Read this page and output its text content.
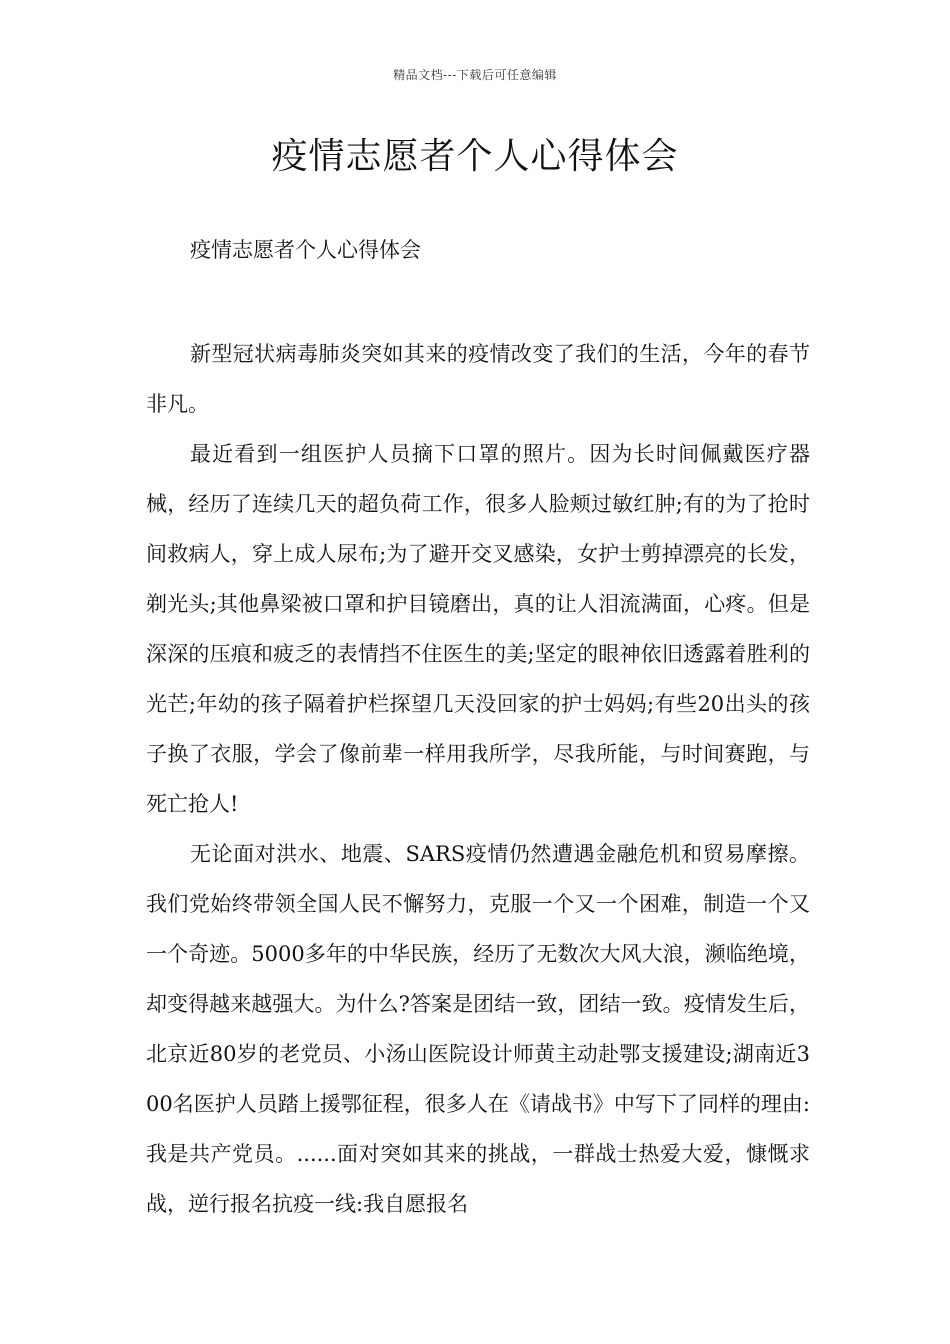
精品文档---下载后可任意编辑
疫情志愿者个人心得体会

疫情志愿者个人心得体会

新型冠状病毒肺炎突如其来的疫情改变了我们的生活，今年的春节非凡。

最近看到一组医护人员摘下口罩的照片。因为长时间佩戴医疗器械，经历了连续几天的超负荷工作，很多人脸颊过敏红肿;有的为了抢时间救病人，穿上成人尿布;为了避开交叉感染，女护士剪掉漂亮的长发，剃光头;其他鼻梁被口罩和护目镜磨出，真的让人泪流满面，心疼。但是深深的压痕和疲乏的表情挡不住医生的美;坚定的眼神依旧透露着胜利的光芒;年幼的孩子隔着护栏探望几天没回家的护士妈妈;有些20出头的孩子换了衣服，学会了像前辈一样用我所学，尽我所能，与时间赛跑，与死亡抢人!

无论面对洪水、地震、SARS疫情仍然遭遇金融危机和贸易摩擦。我们党始终带领全国人民不懈努力，克服一个又一个困难，制造一个又一个奇迹。5000多年的中华民族，经历了无数次大风大浪，濒临绝境，却变得越来越强大。为什么?答案是团结一致，团结一致。疫情发生后，北京近80岁的老党员、小汤山医院设计师黄主动赴鄂支援建设;湖南近300名医护人员踏上援鄂征程，很多人在《请战书》中写下了同样的理由:我是共产党员。......面对突如其来的挑战，一群战士热爱大爱，慷慨求战，逆行报名抗疫一线:我自愿报名
